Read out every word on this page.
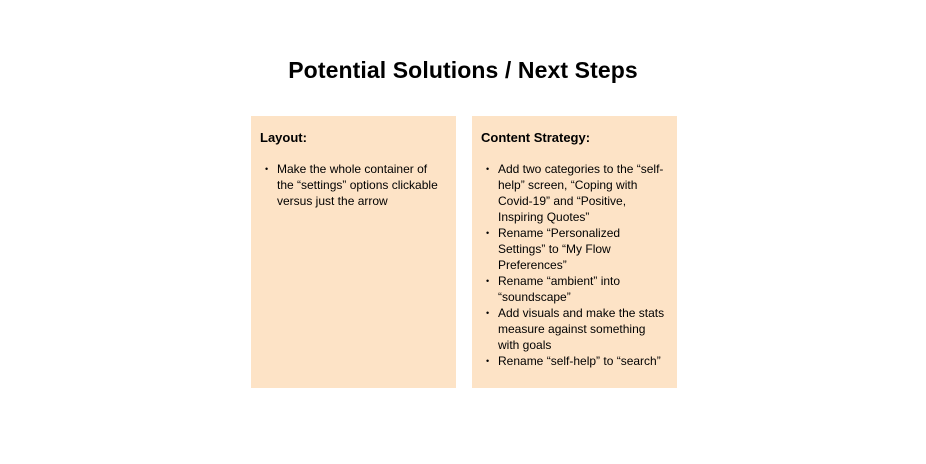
Potential Solutions / Next Steps

Layout:

• Make the whole container of the “settings” options clickable versus just the arrow

Content Strategy:

• Add two categories to the “self-help” screen, “Coping with Covid-19” and “Positive, Inspiring Quotes”
• Rename “Personalized Settings” to “My Flow Preferences”
• Rename “ambient” into “soundscape”
• Add visuals and make the stats measure against something with goals
• Rename “self-help” to “search”
